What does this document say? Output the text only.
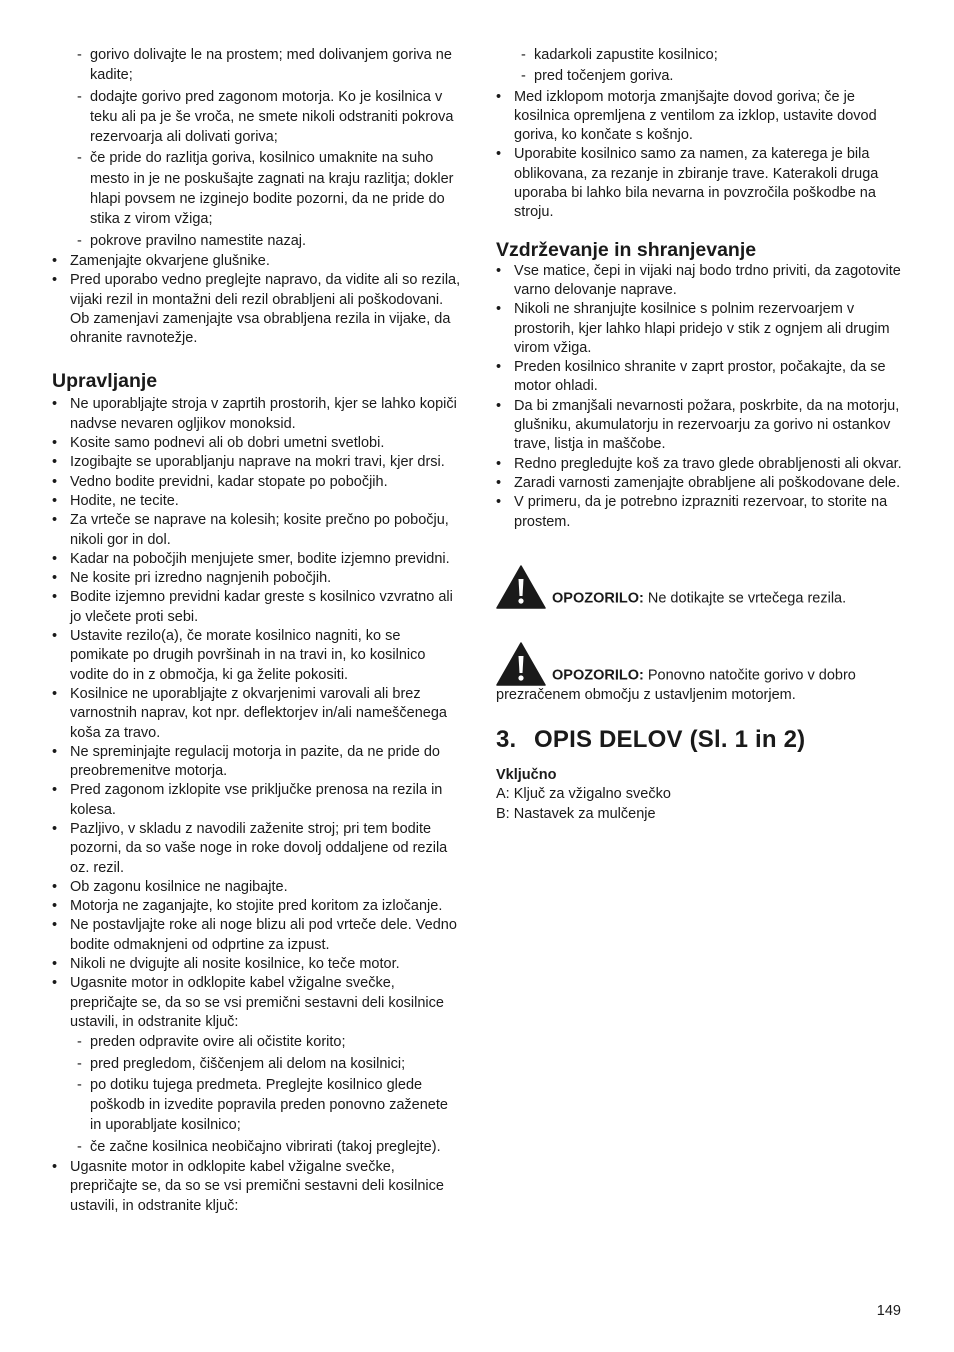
- gorivo dolivajte le na prostem; med dolivanjem goriva ne kadite;
- dodajte gorivo pred zagonom motorja. Ko je kosilnica v teku ali pa je še vroča, ne smete nikoli odstraniti pokrova rezervoarja ali dolivati goriva;
- če pride do razlitja goriva, kosilnico umaknite na suho mesto in je ne poskušajte zagnati na kraju razlitja; dokler hlapi povsem ne izginejo bodite pozorni, da ne pride do stika z virom vžiga;
- pokrove pravilno namestite nazaj.
• Zamenjajte okvarjene glušnike.
• Pred uporabo vedno preglejte napravo, da vidite ali so rezila, vijaki rezil in montažni deli rezil obrabljeni ali poškodovani. Ob zamenjavi zamenjajte vsa obrabljena rezila in vijake, da ohranite ravnotežje.
Upravljanje
• Ne uporabljajte stroja v zaprtih prostorih, kjer se lahko kopiči nadvse nevaren ogljikov monoksid.
• Kosite samo podnevi ali ob dobri umetni svetlobi.
• Izogibajte se uporabljanju naprave na mokri travi, kjer drsi.
• Vedno bodite previdni, kadar stopate po pobočjih.
• Hodite, ne tecite.
• Za vrteče se naprave na kolesih; kosite prečno po pobočju, nikoli gor in dol.
• Kadar na pobočjih menjujete smer, bodite izjemno previdni.
• Ne kosite pri izredno nagnjenih pobočjih.
• Bodite izjemno previdni kadar greste s kosilnico vzvratno ali jo vlečete proti sebi.
• Ustavite rezilo(a), če morate kosilnico nagniti, ko se pomikate po drugih površinah in na travi in, ko kosilnico vodite do in z območja, ki ga želite pokositi.
• Kosilnice ne uporabljajte z okvarjenimi varovali ali brez varnostnih naprav, kot npr. deflektorjev in/ali nameščenega koša za travo.
• Ne spreminjajte regulacij motorja in pazite, da ne pride do preobremenitve motorja.
• Pred zagonom izklopite vse priključke prenosa na rezila in kolesa.
• Pazljivo, v skladu z navodili zaženite stroj; pri tem bodite pozorni, da so vaše noge in roke dovolj oddaljene od rezila oz. rezil.
• Ob zagonu kosilnice ne nagibajte.
• Motorja ne zaganjajte, ko stojite pred koritom za izločanje.
• Ne postavljajte roke ali noge blizu ali pod vrteče dele. Vedno bodite odmaknjeni od odprtine za izpust.
• Nikoli ne dvigujte ali nosite kosilnice, ko teče motor.
• Ugasnite motor in odklopite kabel vžigalne svečke, prepričajte se, da so se vsi premični sestavni deli kosilnice ustavili, in odstranite ključ:
- preden odpravite ovire ali očistite korito;
- pred pregledom, čiščenjem ali delom na kosilnici;
- po dotiku tujega predmeta. Preglejte kosilnico glede poškodb in izvedite popravila preden ponovno zaženete in uporabljate kosilnico;
- če začne kosilnica neobičajno vibrirati (takoj preglejte).
• Ugasnite motor in odklopite kabel vžigalne svečke, prepričajte se, da so se vsi premični sestavni deli kosilnice ustavili, in odstranite ključ:
- kadarkoli zapustite kosilnico;
- pred točenjem goriva.
• Med izklopom motorja zmanjšajte dovod goriva; če je kosilnica opremljena z ventilom za izklop, ustavite dovod goriva, ko končate s košnjo.
• Uporabite kosilnico samo za namen, za katerega je bila oblikovana, za rezanje in zbiranje trave. Katerakoli druga uporaba bi lahko bila nevarna in povzročila poškodbe na stroju.
Vzdrževanje in shranjevanje
• Vse matice, čepi in vijaki naj bodo trdno priviti, da zagotovite varno delovanje naprave.
• Nikoli ne shranjujte kosilnice s polnim rezervoarjem v prostorih, kjer lahko hlapi pridejo v stik z ognjem ali drugim virom vžiga.
• Preden kosilnico shranite v zaprt prostor, počakajte, da se motor ohladi.
• Da bi zmanjšali nevarnosti požara, poskrbite, da na motorju, glušniku, akumulatorju in rezervoarju za gorivo ni ostankov trave, listja in maščobe.
• Redno pregledujte koš za travo glede obrabljenosti ali okvar.
• Zaradi varnosti zamenjajte obrabljene ali poškodovane dele.
• V primeru, da je potrebno izprazniti rezervoar, to storite na prostem.
OPOZORILO: Ne dotikajte se vrtečega rezila.
OPOZORILO: Ponovno natočite gorivo v dobro prezračenem območju z ustavljenim motorjem.
3. OPIS DELOV (Sl. 1 in 2)
Vključno
A: Ključ za vžigalno svečko
B: Nastavek za mulčenje
149
